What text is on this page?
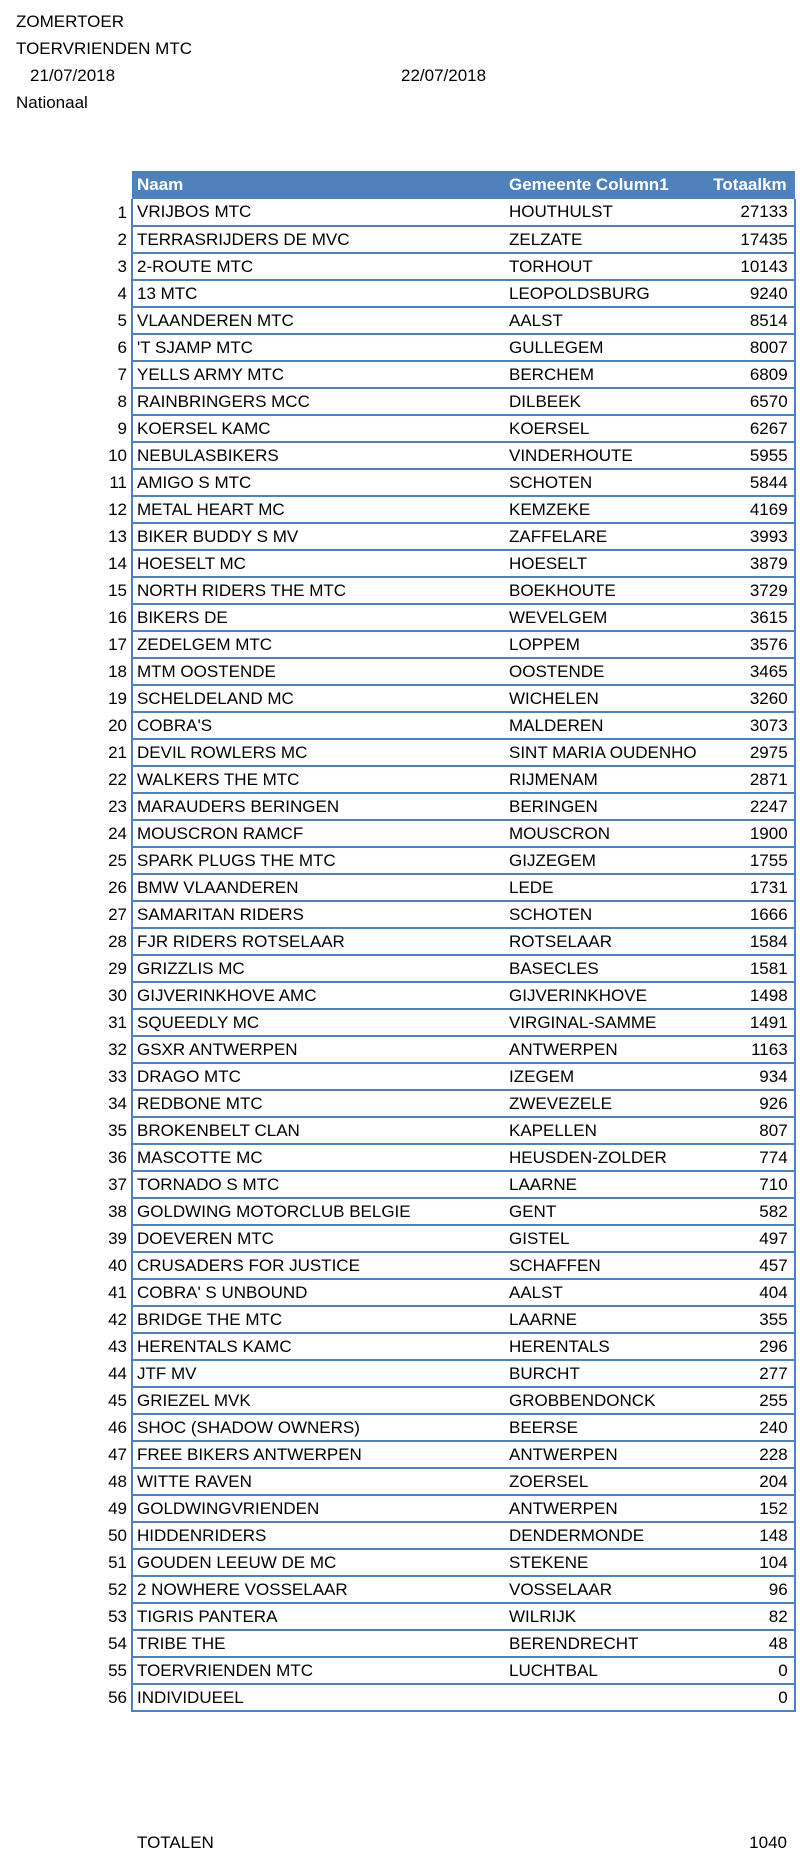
ZOMERTOER
TOERVRIENDEN MTC
21/07/2018	22/07/2018
Nationaal
	Naam	Gemeente Column1	Totaalkm
1	VRIJBOS MTC	HOUTHULST	27133
2	TERRASRIJDERS DE MVC	ZELZATE	17435
3	2-ROUTE MTC	TORHOUT	10143
4	13 MTC	LEOPOLDSBURG	9240
5	VLAANDEREN MTC	AALST	8514
6	'T SJAMP MTC	GULLEGEM	8007
7	YELLS ARMY MTC	BERCHEM	6809
8	RAINBRINGERS MCC	DILBEEK	6570
9	KOERSEL KAMC	KOERSEL	6267
10	NEBULASBIKERS	VINDERHOUTE	5955
11	AMIGO S MTC	SCHOTEN	5844
12	METAL HEART MC	KEMZEKE	4169
13	BIKER BUDDY S MV	ZAFFELARE	3993
14	HOESELT MC	HOESELT	3879
15	NORTH RIDERS THE MTC	BOEKHOUTE	3729
16	BIKERS DE	WEVELGEM	3615
17	ZEDELGEM MTC	LOPPEM	3576
18	MTM OOSTENDE	OOSTENDE	3465
19	SCHELDELAND MC	WICHELEN	3260
20	COBRA'S	MALDEREN	3073
21	DEVIL ROWLERS MC	SINT MARIA OUDENHO	2975
22	WALKERS THE MTC	RIJMENAM	2871
23	MARAUDERS BERINGEN	BERINGEN	2247
24	MOUSCRON RAMCF	MOUSCRON	1900
25	SPARK PLUGS THE MTC	GIJZEGEM	1755
26	BMW VLAANDEREN	LEDE	1731
27	SAMARITAN RIDERS	SCHOTEN	1666
28	FJR RIDERS ROTSELAAR	ROTSELAAR	1584
29	GRIZZLIS MC	BASECLES	1581
30	GIJVERINKHOVE AMC	GIJVERINKHOVE	1498
31	SQUEEDLY MC	VIRGINAL-SAMME	1491
32	GSXR ANTWERPEN	ANTWERPEN	1163
33	DRAGO MTC	IZEGEM	934
34	REDBONE MTC	ZWEVEZELE	926
35	BROKENBELT CLAN	KAPELLEN	807
36	MASCOTTE MC	HEUSDEN-ZOLDER	774
37	TORNADO S MTC	LAARNE	710
38	GOLDWING MOTORCLUB BELGIE	GENT	582
39	DOEVEREN MTC	GISTEL	497
40	CRUSADERS FOR JUSTICE	SCHAFFEN	457
41	COBRA' S UNBOUND	AALST	404
42	BRIDGE THE MTC	LAARNE	355
43	HERENTALS KAMC	HERENTALS	296
44	JTF MV	BURCHT	277
45	GRIEZEL MVK	GROBBENDONCK	255
46	SHOC (SHADOW OWNERS)	BEERSE	240
47	FREE BIKERS ANTWERPEN	ANTWERPEN	228
48	WITTE RAVEN	ZOERSEL	204
49	GOLDWINGVRIENDEN	ANTWERPEN	152
50	HIDDENRIDERS	DENDERMONDE	148
51	GOUDEN LEEUW DE MC	STEKENE	104
52	2 NOWHERE VOSSELAAR	VOSSELAAR	96
53	TIGRIS PANTERA	WILRIJK	82
54	TRIBE THE	BERENDRECHT	48
55	TOERVRIENDEN MTC	LUCHTBAL	0
56	INDIVIDUEEL		0
TOTALEN	1040
